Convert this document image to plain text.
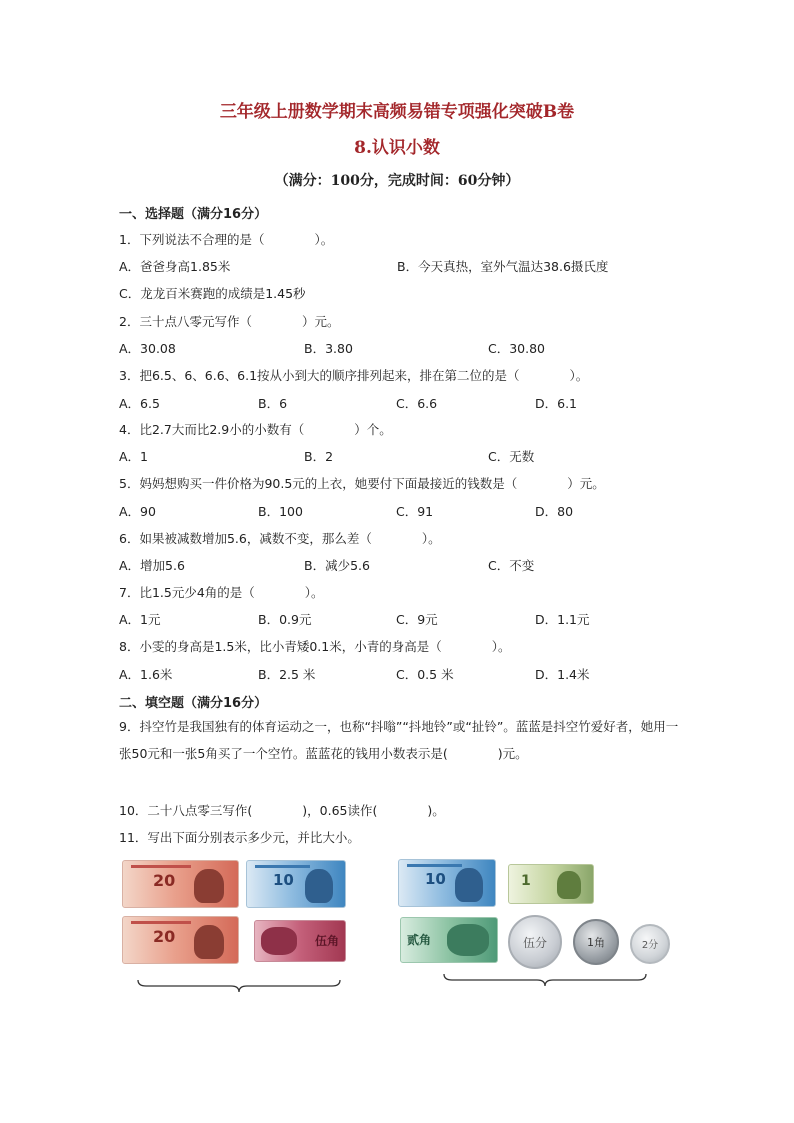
三年级上册数学期末高频易错专项强化突破B卷
8.认识小数
（满分：100分，完成时间：60分钟）
一、选择题（满分16分）
1．下列说法不合理的是（　　　　）。
A．爸爸身高1.85米	B．今天真热，室外气温达38.6摄氏度
C．龙龙百米赛跑的成绩是1.45秒
2．三十点八零元写作（　　　　）元。
A．30.08	B．3.80	C．30.80
3．把6.5、6、6.6、6.1按从小到大的顺序排列起来，排在第二位的是（　　　　）。
A．6.5	B．6	C．6.6	D．6.1
4．比2.7大而比2.9小的小数有（　　　　）个。
A．1	B．2	C．无数
5．妈妈想购买一件价格为90.5元的上衣，她要付下面最接近的钱数是（　　　　）元。
A．90	B．100	C．91	D．80
6．如果被减数增加5.6，减数不变，那么差（　　　　）。
A．增加5.6	B．减少5.6	C．不变
7．比1.5元少4角的是（　　　　）。
A．1元	B．0.9元	C．9元	D．1.1元
8．小雯的身高是1.5米，比小青矮0.1米，小青的身高是（　　　　）。
A．1.6米	B．2.5 米	C．0.5 米	D．1.4米
二、填空题（满分16分）
9．抖空竹是我国独有的体育运动之一，也称“抖嗡”“抖地铃”或“扯铃”。蓝蓝是抖空竹爱好者，她用一张50元和一张5角买了一个空竹。蓝蓝花的钱用小数表示是(　　　　)元。
10．二十八点零三写作(　　　　)，0.65读作(　　　　)。
11．写出下面分别表示多少元，并比大小。
20	10
20	伍角
10	1
贰角	伍分	1角	2分
